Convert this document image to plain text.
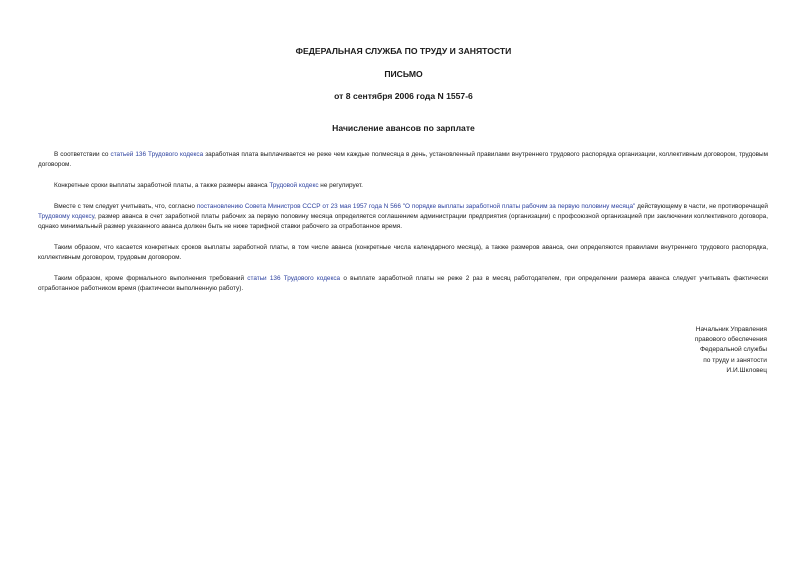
ФЕДЕРАЛЬНАЯ СЛУЖБА ПО ТРУДУ И ЗАНЯТОСТИ
ПИСЬМО
от 8 сентября 2006 года N 1557-6
Начисление авансов по зарплате

В соответствии со статьей 136 Трудового кодекса заработная плата выплачивается не реже чем каждые полмесяца в день, установленный правилами внутреннего трудового распорядка организации, коллективным договором, трудовым договором.

Конкретные сроки выплаты заработной платы, а также размеры аванса Трудовой кодекс не регулирует.

Вместе с тем следует учитывать, что, согласно постановлению Совета Министров СССР от 23 мая 1957 года N 566 "О порядке выплаты заработной платы рабочим за первую половину месяца" действующему в части, не противоречащей Трудовому кодексу, размер аванса в счет заработной платы рабочих за первую половину месяца определяется соглашением администрации предприятия (организации) с профсоюзной организацией при заключении коллективного договора, однако минимальный размер указанного аванса должен быть не ниже тарифной ставки рабочего за отработанное время.

Таким образом, что касается конкретных сроков выплаты заработной платы, в том числе аванса (конкретные числа календарного месяца), а также размеров аванса, они определяются правилами внутреннего трудового распорядка, коллективным договором, трудовым договором.

Таким образом, кроме формального выполнения требований статьи 136 Трудового кодекса о выплате заработной платы не реже 2 раз в месяц работодателем, при определении размера аванса следует учитывать фактически отработанное работником время (фактически выполненную работу).

Начальник Управления
правового обеспечения
Федеральной службы
по труду и занятости
И.И.Шкловец
